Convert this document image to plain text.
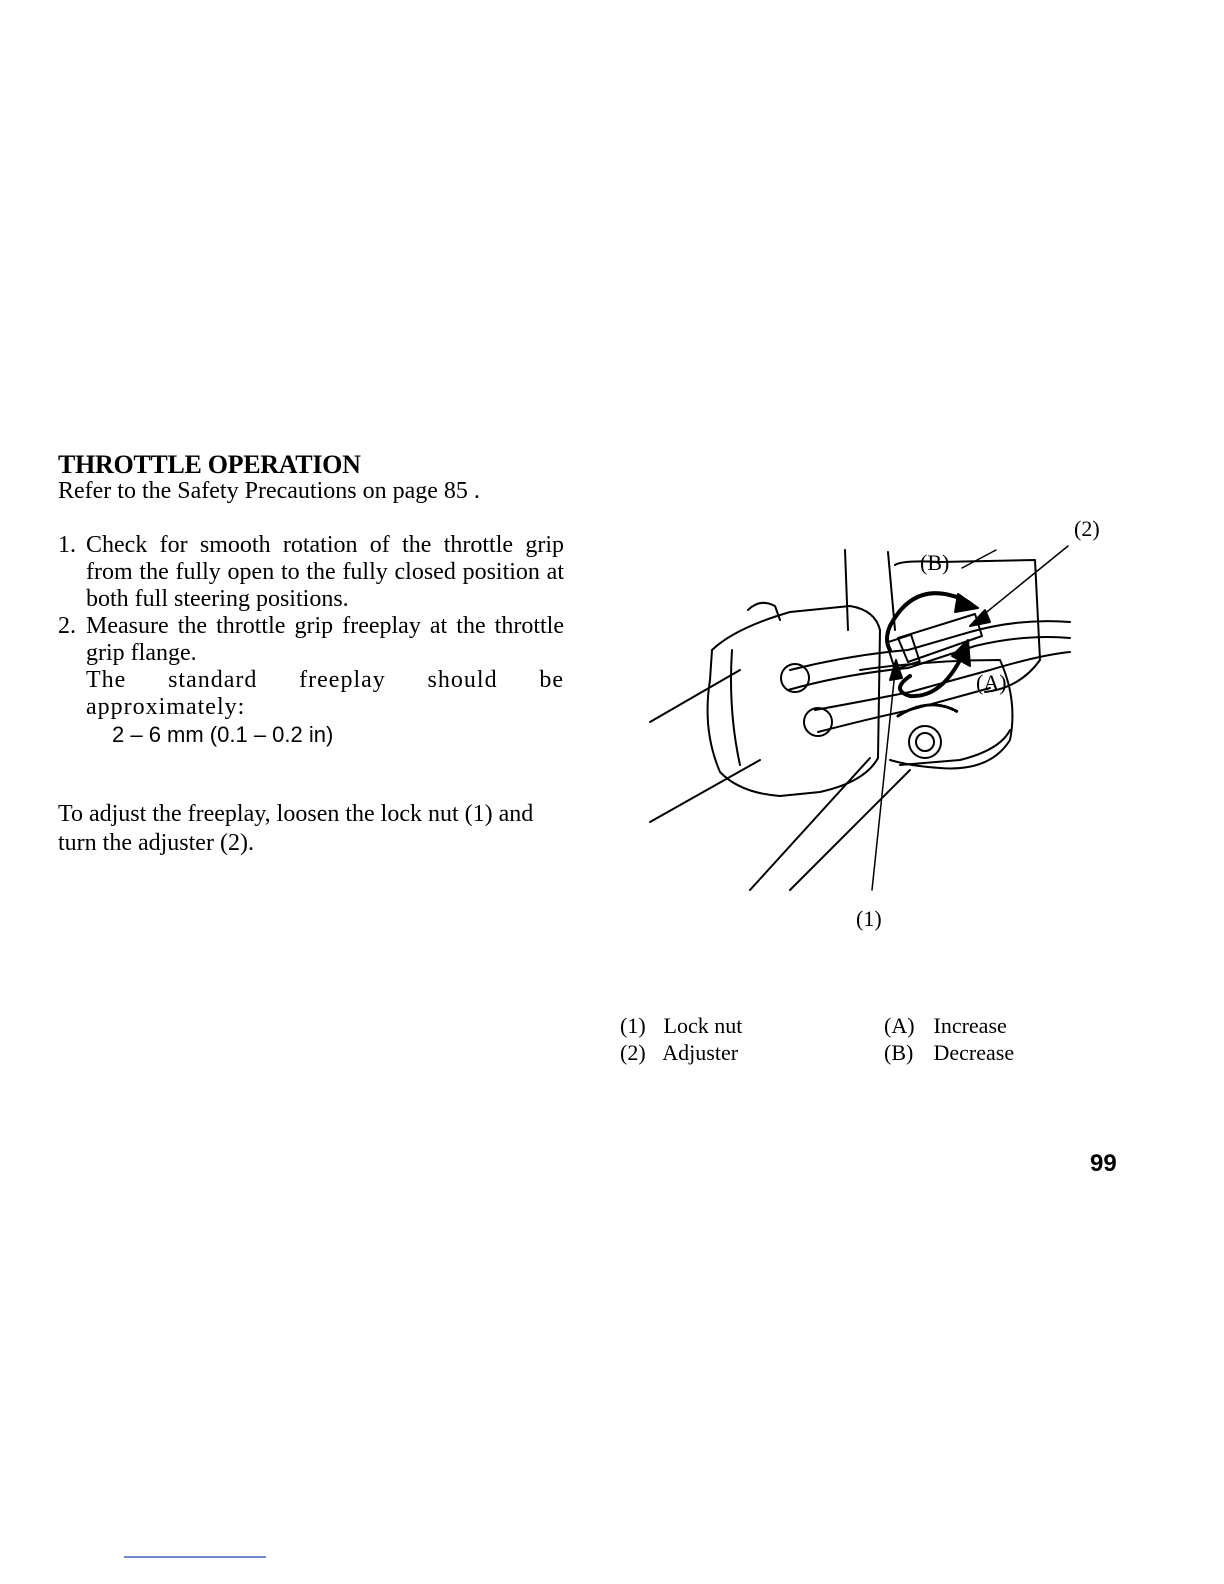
THROTTLE OPERATION
Refer to the Safety Precautions on page 85 .
1. Check for smooth rotation of the throttle grip from the fully open to the fully closed position at both full steering positions.
2. Measure the throttle grip freeplay at the throttle grip flange.
The standard freeplay should be approximately:
2 – 6 mm (0.1 – 0.2 in)
To adjust the freeplay, loosen the lock nut (1) and turn the adjuster (2).
(2)
(B)
(A)
(1)
(1) Lock nut
(2) Adjuster
(A) Increase
(B) Decrease
99
